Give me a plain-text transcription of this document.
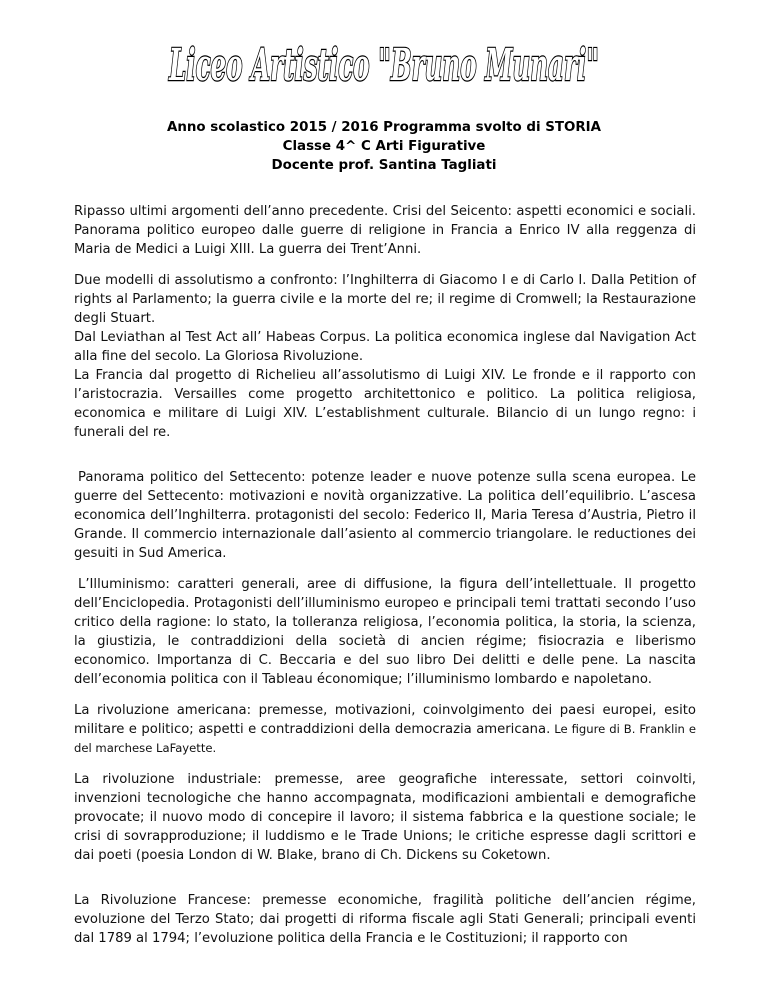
Liceo Artistico "Bruno Munari"
Anno scolastico 2015 / 2016 Programma svolto di STORIA
Classe 4^ C Arti Figurative
Docente prof. Santina Tagliati

Ripasso ultimi argomenti dell’anno precedente. Crisi del Seicento: aspetti economici e sociali. Panorama politico europeo dalle guerre di religione in Francia a Enrico IV alla reggenza di Maria de Medici a Luigi XIII. La guerra dei Trent’Anni.

Due modelli di assolutismo a confronto: l’Inghilterra di Giacomo I e di Carlo I. Dalla Petition of rights al Parlamento; la guerra civile e la morte del re; il regime di Cromwell; la Restaurazione degli Stuart.

Dal Leviathan al Test Act all’ Habeas Corpus. La politica economica inglese dal Navigation Act alla fine del secolo. La Gloriosa Rivoluzione.

La Francia dal progetto di Richelieu all’assolutismo di Luigi XIV. Le fronde e il rapporto con l’aristocrazia. Versailles come progetto architettonico e politico. La politica religiosa, economica e militare di Luigi XIV. L’establishment culturale. Bilancio di un lungo regno: i funerali del re.

Panorama politico del Settecento: potenze leader e nuove potenze sulla scena europea. Le guerre del Settecento: motivazioni e novità organizzative. La politica dell’equilibrio. L’ascesa economica dell’Inghilterra. protagonisti del secolo: Federico II, Maria Teresa d’Austria, Pietro il Grande. Il commercio internazionale dall’asiento al commercio triangolare. le reductiones dei gesuiti in Sud America.

L’Illuminismo: caratteri generali, aree di diffusione, la figura dell’intellettuale. Il progetto dell’Enciclopedia. Protagonisti dell’illuminismo europeo e principali temi trattati secondo l’uso critico della ragione: lo stato, la tolleranza religiosa, l’economia politica, la storia, la scienza, la giustizia, le contraddizioni della società di ancien régime; fisiocrazia e liberismo economico. Importanza di C. Beccaria e del suo libro Dei delitti e delle pene. La nascita dell’economia politica con il Tableau économique; l’illuminismo lombardo e napoletano.

La rivoluzione americana: premesse, motivazioni, coinvolgimento dei paesi europei, esito militare e politico; aspetti e contraddizioni della democrazia americana. Le figure di B. Franklin e del marchese LaFayette.

La rivoluzione industriale: premesse, aree geografiche interessate, settori coinvolti, invenzioni tecnologiche che hanno accompagnata, modificazioni ambientali e demografiche provocate; il nuovo modo di concepire il lavoro; il sistema fabbrica e la questione sociale; le crisi di sovrapproduzione; il luddismo e le Trade Unions; le critiche espresse dagli scrittori e dai poeti (poesia London di W. Blake, brano di Ch. Dickens su Coketown.

La Rivoluzione Francese: premesse economiche, fragilità politiche dell’ancien régime, evoluzione del Terzo Stato; dai progetti di riforma fiscale agli Stati Generali; principali eventi dal 1789 al 1794; l’evoluzione politica della Francia e le Costituzioni; il rapporto con
